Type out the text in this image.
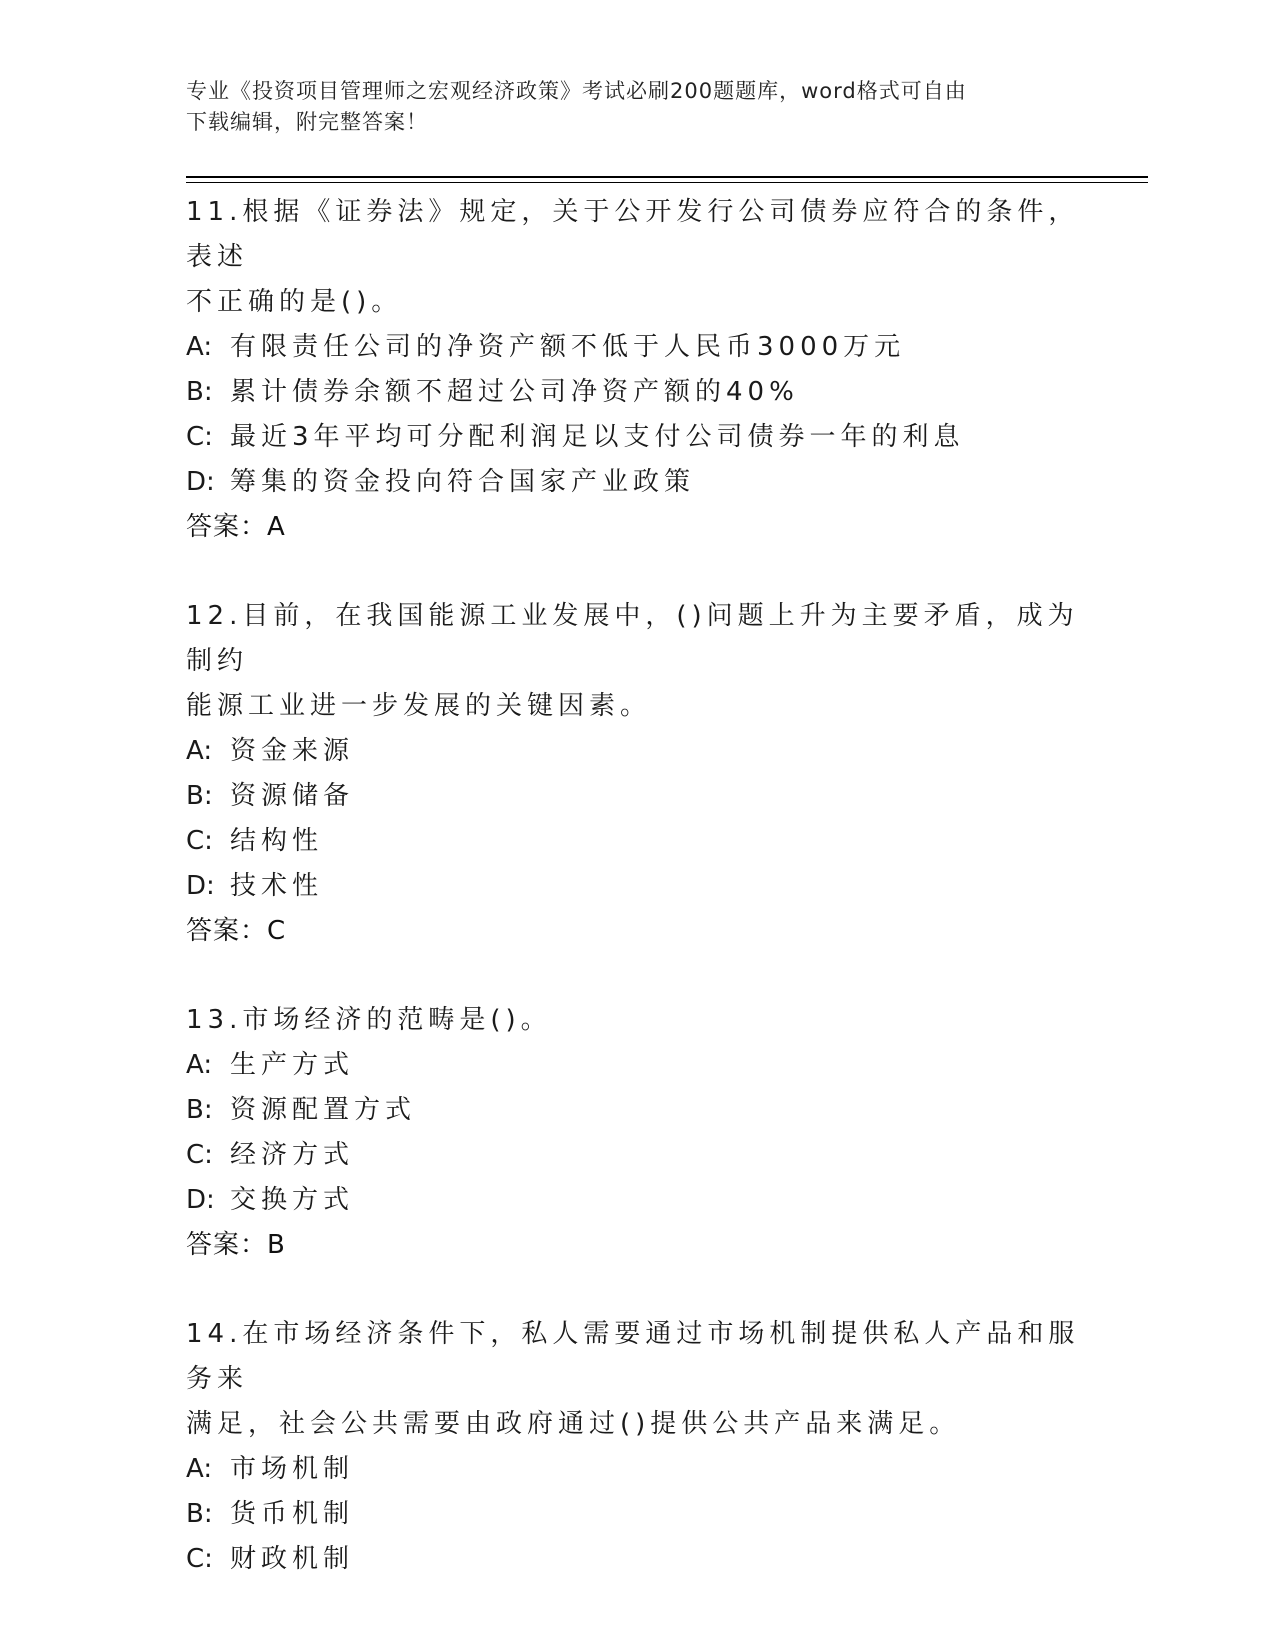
专业《投资项目管理师之宏观经济政策》考试必刷200题题库，word格式可自由
下载编辑，附完整答案！

11.根据《证券法》规定，关于公开发行公司债券应符合的条件，表述

不正确的是()。

A: 有限责任公司的净资产额不低于人民币3000万元

B: 累计债券余额不超过公司净资产额的40%

C: 最近3年平均可分配利润足以支付公司债券一年的利息

D: 筹集的资金投向符合国家产业政策

答案：A

12.目前，在我国能源工业发展中，()问题上升为主要矛盾，成为制约

能源工业进一步发展的关键因素。

A: 资金来源

B: 资源储备

C: 结构性

D: 技术性

答案：C

13.市场经济的范畴是()。

A: 生产方式

B: 资源配置方式

C: 经济方式

D: 交换方式

答案：B

14.在市场经济条件下，私人需要通过市场机制提供私人产品和服务来

满足，社会公共需要由政府通过()提供公共产品来满足。

A: 市场机制

B: 货币机制

C: 财政机制
